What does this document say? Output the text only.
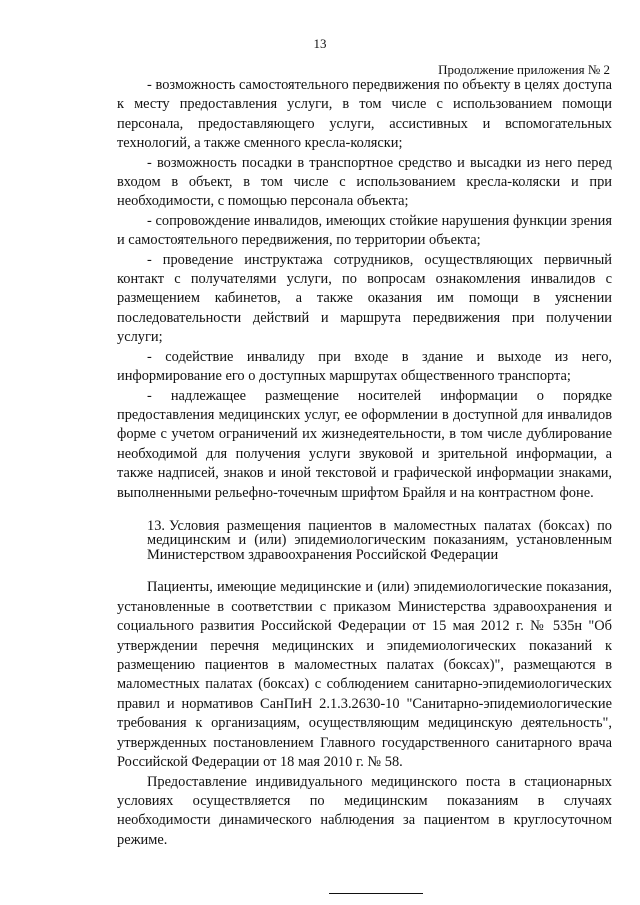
13
Продолжение приложения № 2

- возможность самостоятельного передвижения по объекту в целях доступа к месту предоставления услуги, в том числе с использованием помощи персонала, предоставляющего услуги, ассистивных и вспомогательных технологий, а также сменного кресла-коляски;

- возможность посадки в транспортное средство и высадки из него перед входом в объект, в том числе с использованием кресла-коляски и при необходимости, с помощью персонала объекта;

- сопровождение инвалидов, имеющих стойкие нарушения функции зрения и самостоятельного передвижения, по территории объекта;

- проведение инструктажа сотрудников, осуществляющих первичный контакт с получателями услуги, по вопросам ознакомления инвалидов с размещением кабинетов, а также оказания им помощи в уяснении последовательности действий и маршрута передвижения при получении услуги;

- содействие инвалиду при входе в здание и выходе из него, информирование его о доступных маршрутах общественного транспорта;

- надлежащее размещение носителей информации о порядке предоставления медицинских услуг, ее оформлении в доступной для инвалидов форме с учетом ограничений их жизнедеятельности, в том числе дублирование необходимой для получения услуги звуковой и зрительной информации, а также надписей, знаков и иной текстовой и графической информации знаками, выполненными рельефно-точечным шрифтом Брайля и на контрастном фоне.

13. Условия размещения пациентов в маломестных палатах (боксах) по медицинским и (или) эпидемиологическим показаниям, установленным Министерством здравоохранения Российской Федерации

Пациенты, имеющие медицинские и (или) эпидемиологические показания, установленные в соответствии с приказом Министерства здравоохранения и социального развития Российской Федерации от 15 мая 2012 г. № 535н "Об утверждении перечня медицинских и эпидемиологических показаний к размещению пациентов в маломестных палатах (боксах)", размещаются в маломестных палатах (боксах) с соблюдением санитарно-эпидемиологических правил и нормативов СанПиН 2.1.3.2630-10 "Санитарно-эпидемиологические требования к организациям, осуществляющим медицинскую деятельность", утвержденных постановлением Главного государственного санитарного врача Российской Федерации от 18 мая 2010 г. № 58.

Предоставление индивидуального медицинского поста в стационарных условиях осуществляется по медицинским показаниям в случаях необходимости динамического наблюдения за пациентом в круглосуточном режиме.
